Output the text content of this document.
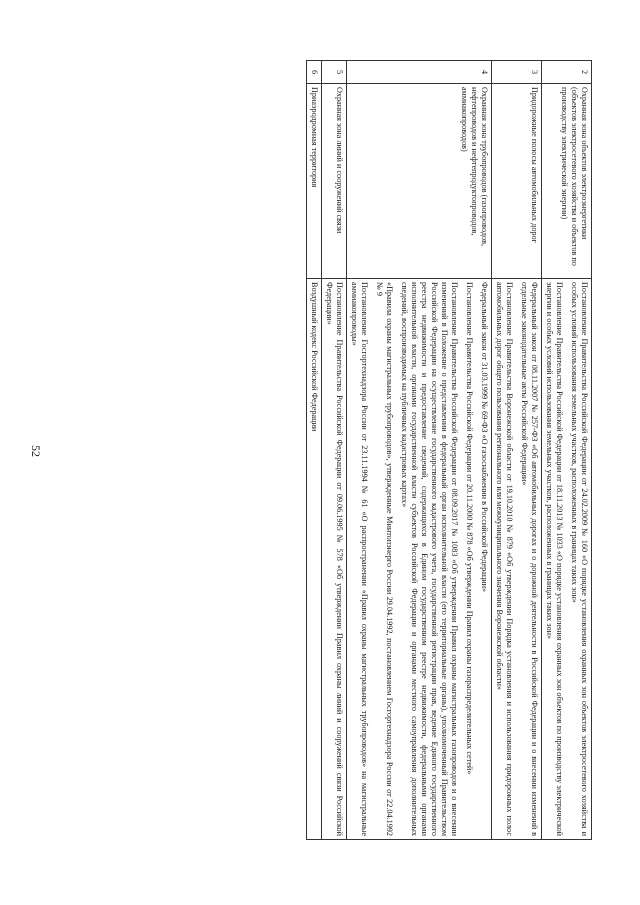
52
2	Охранная зона объектов электроэнергетики (объектов электросетевого хозяйства и объектов по производству электрической энергии)	Постановление Правительства Российской Федерации от 24.02.2009 № 160 «О порядке установления охранных зон объектов электросетевого хозяйства и особых условий использования земельных участков, расположенных в границах таких зон»

Постановление Правительства Российской Федерации от 18.11.2013 № 1033 «О порядке установления охранных зон объектов по производству электрической энергии и особых условий использования земельных участков, расположенных в границах таких зон»

3	Придорожные полосы автомобильных дорог	Федеральный закон от 08.11.2007 № 257-ФЗ «Об автомобильных дорогах и о дорожной деятельности в Российской Федерации и о внесении изменений в отдельные законодательные акты Российской Федерации»

Постановление Правительства Воронежской области от 19.10.2010 № 879 «Об утверждении Порядка установления и использования придорожных полос автомобильных дорог общего пользования регионального или межмуниципального значения Воронежской области»

4	Охранная зона трубопроводов (газопроводов, нефтепроводов и нефтепродуктопроводов, аммиакопроводов)	Федеральный закон от 31.03.1999 № 69-ФЗ «О газоснабжении в Российской Федерации»

Постановление Правительства Российской Федерации от 20.11.2000 № 878 «Об утверждении Правил охраны газораспределительных сетей»

Постановление Правительства Российской Федерации от 08.09.2017 № 1083 «Об утверждении Правил охраны магистральных газопроводов и о внесении изменений в Положение о представлении в федеральный орган исполнительной власти (его территориальные органы), уполномоченный Правительством Российской Федерации на осуществление государственного кадастрового учета, государственной регистрации прав, ведение Единого государственного реестра недвижимости и предоставление сведений, содержащихся в Едином государственном реестре недвижимости, федеральными органами исполнительной власти, органами государственной власти субъектов Российской Федерации и органами местного самоуправления дополнительных сведений, воспроизводимых на публичных кадастровых картах»

«Правила охраны магистральных трубопроводов», утвержденные Минтопэнерго России 29.04.1992, постановлением Госгортехнадзора России от 22.04.1992 № 9

Постановление Госгортехнадзора России от 23.11.1994 № 61 «О распространении «Правил охраны магистральных трубопроводов» на магистральные аммиакопроводы»

5	Охранная зона линий и сооружений связи	Постановление Правительства Российской Федерации от 09.06.1995 № 578 «Об утверждении Правил охраны линий и сооружений связи Российской Федерации»

6	Приаэродромная территория	Воздушный кодекс Российской Федерации
